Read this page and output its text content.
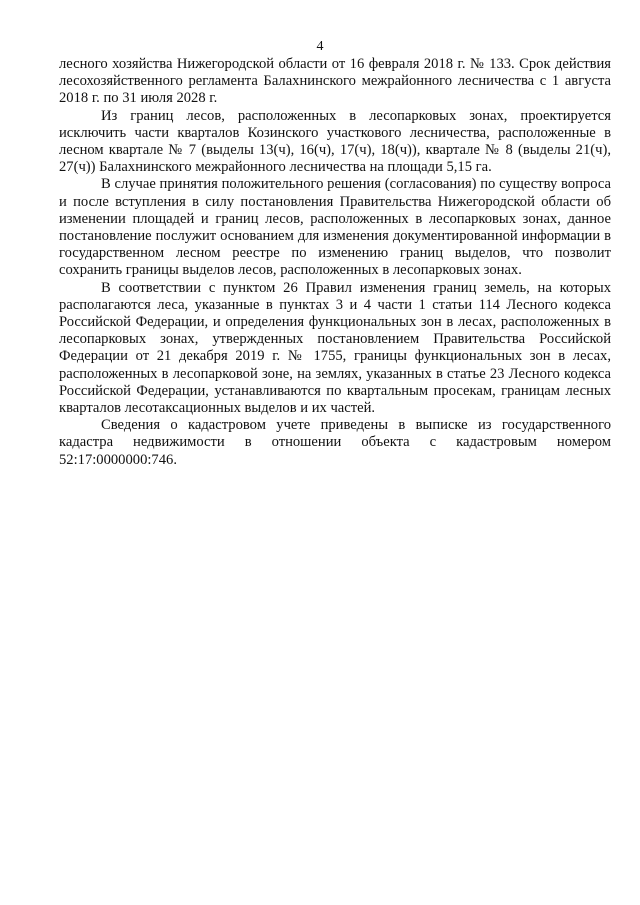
4

лесного хозяйства Нижегородской области от 16 февраля 2018 г. № 133. Срок действия лесохозяйственного регламента Балахнинского межрайонного лесничества с 1 августа 2018 г. по 31 июля 2028 г.

Из границ лесов, расположенных в лесопарковых зонах, проектируется исключить части кварталов Козинского участкового лесничества, расположенные в лесном квартале № 7 (выделы 13(ч), 16(ч), 17(ч), 18(ч)), квартале № 8 (выделы 21(ч), 27(ч)) Балахнинского межрайонного лесничества на площади 5,15 га.

В случае принятия положительного решения (согласования) по существу вопроса и после вступления в силу постановления Правительства Нижегородской области об изменении площадей и границ лесов, расположенных в лесопарковых зонах, данное постановление послужит основанием для изменения документированной информации в государственном лесном реестре по изменению границ выделов, что позволит сохранить границы выделов лесов, расположенных в лесопарковых зонах.

В соответствии с пунктом 26 Правил изменения границ земель, на которых располагаются леса, указанные в пунктах 3 и 4 части 1 статьи 114 Лесного кодекса Российской Федерации, и определения функциональных зон в лесах, расположенных в лесопарковых зонах, утвержденных постановлением Правительства Российской Федерации от 21 декабря 2019 г. № 1755, границы функциональных зон в лесах, расположенных в лесопарковой зоне, на землях, указанных в статье 23 Лесного кодекса Российской Федерации, устанавливаются по квартальным просекам, границам лесных кварталов лесотаксационных выделов и их частей.

Сведения о кадастровом учете приведены в выписке из государственного кадастра недвижимости в отношении объекта с кадастровым номером 52:17:0000000:746.
